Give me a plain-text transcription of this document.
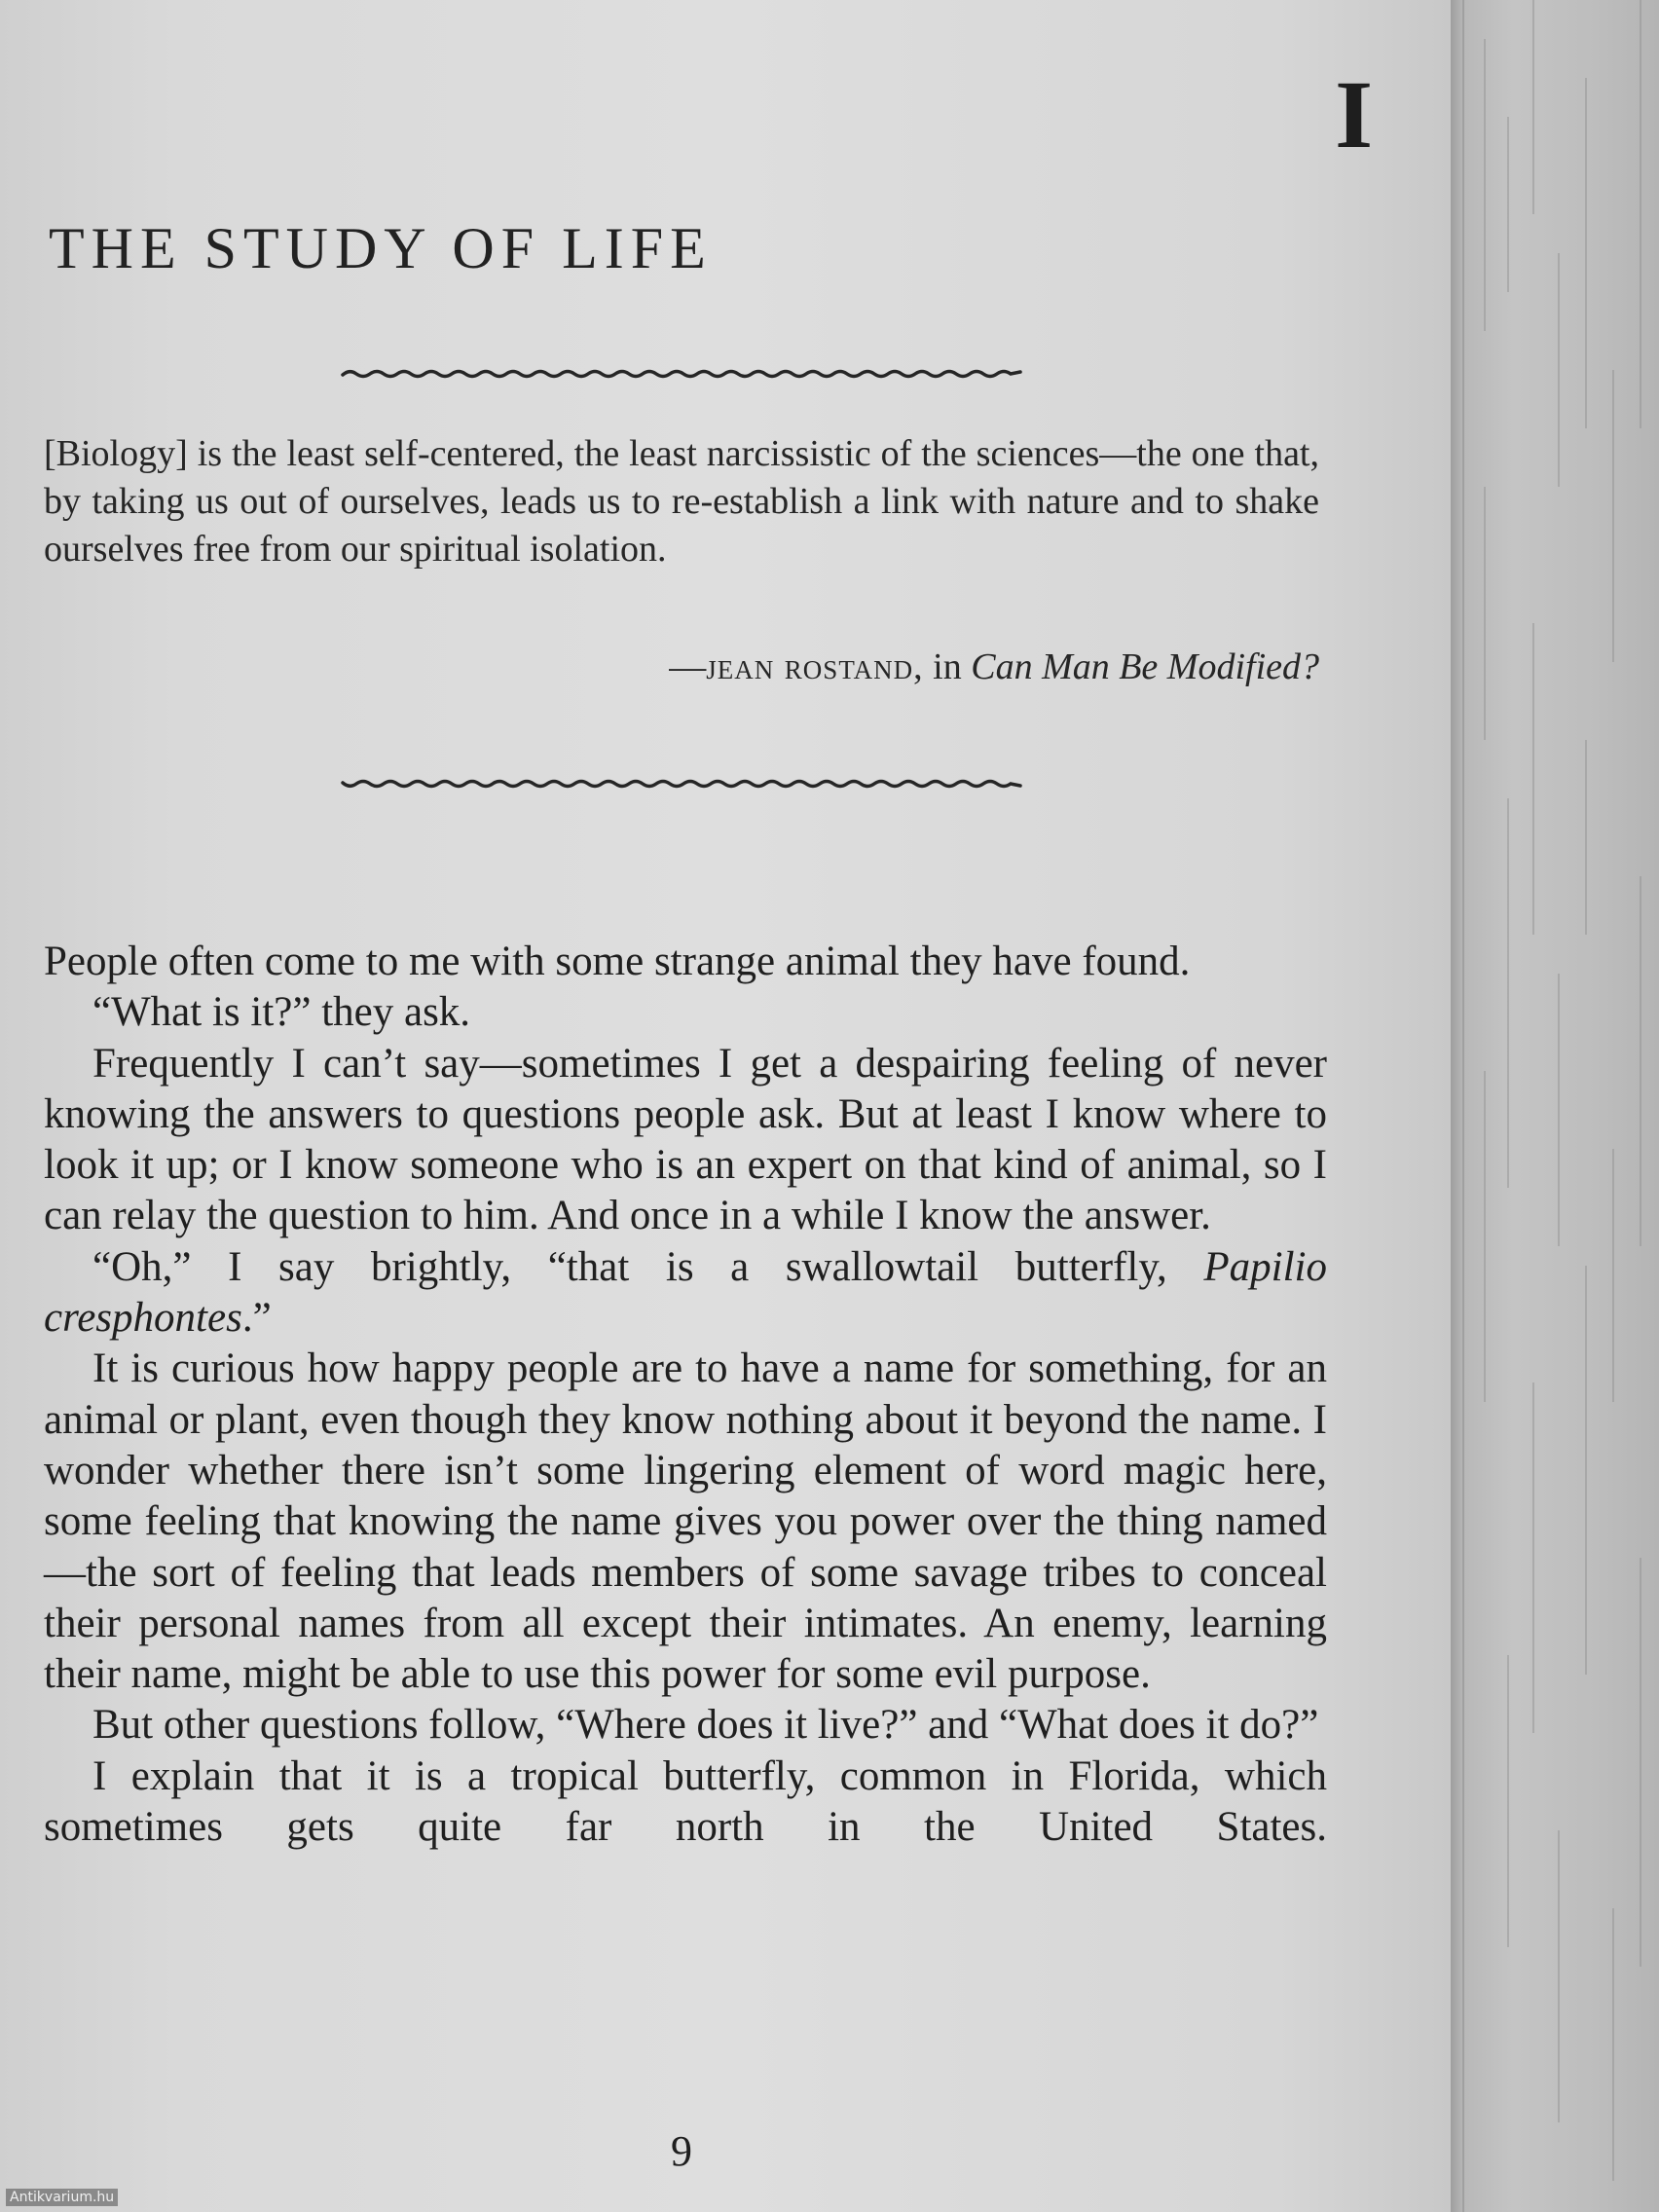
I
THE STUDY OF LIFE

[Biology] is the least self-centered, the least narcissistic of the sciences—the one that, by taking us out of ourselves, leads us to re-establish a link with nature and to shake ourselves free from our spiritual isolation.

—jean rostand, in Can Man Be Modified?

People often come to me with some strange animal they have found.

“What is it?” they ask.

Frequently I can’t say—sometimes I get a despairing feeling of never knowing the answers to questions people ask. But at least I know where to look it up; or I know someone who is an expert on that kind of animal, so I can relay the question to him. And once in a while I know the answer.

“Oh,” I say brightly, “that is a swallowtail butterfly, Papilio cresphontes.”

It is curious how happy people are to have a name for something, for an animal or plant, even though they know nothing about it beyond the name. I wonder whether there isn’t some lingering element of word magic here, some feeling that knowing the name gives you power over the thing named—the sort of feeling that leads members of some savage tribes to conceal their personal names from all except their intimates. An enemy, learning their name, might be able to use this power for some evil purpose.

But other questions follow, “Where does it live?” and “What does it do?”

I explain that it is a tropical butterfly, common in Florida, which sometimes gets quite far north in the United States.

9
Antikvarium.hu
